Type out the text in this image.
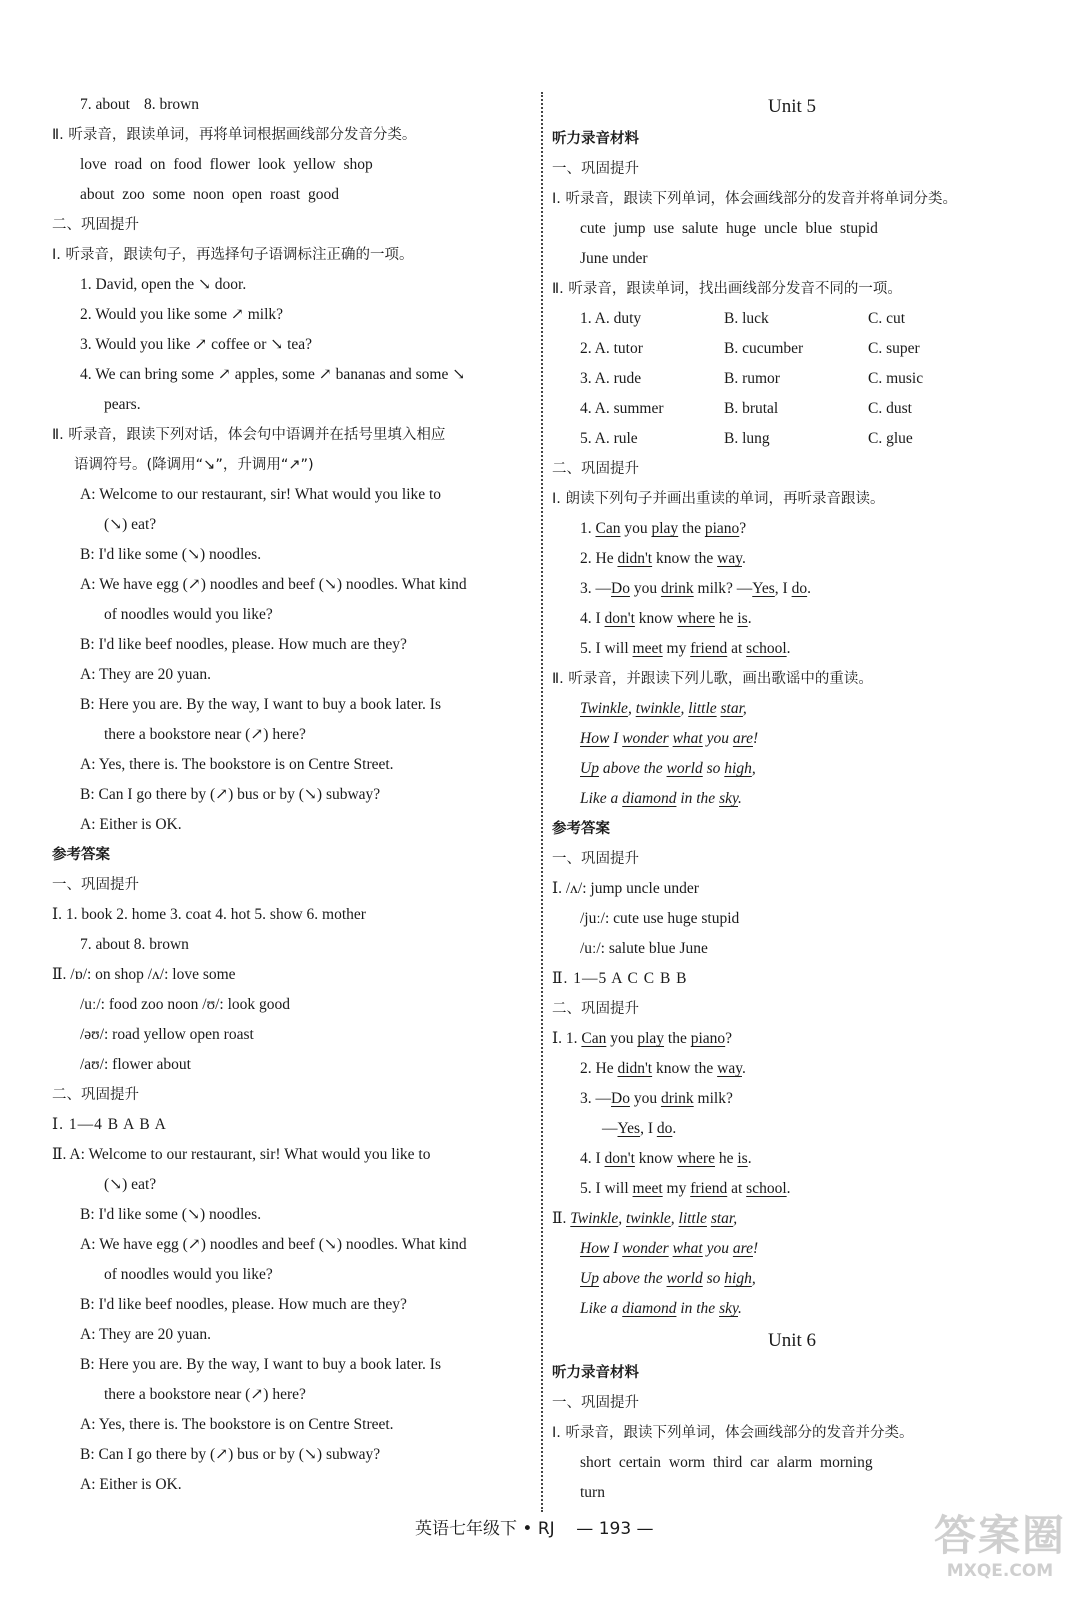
7. about 8. brown
Ⅱ. 听录音，跟读单词，再将单词根据画线部分发音分类。
love road on food flower look yellow shop
about zoo some noon open roast good
二、巩固提升
Ⅰ. 听录音，跟读句子，再选择句子语调标注正确的一项。
1. David, open the ↘ door.
2. Would you like some ↗ milk?
3. Would you like ↗ coffee or ↘ tea?
4. We can bring some ↗ apples, some ↗ bananas and some ↘
pears.
Ⅱ. 听录音，跟读下列对话，体会句中语调并在括号里填入相应
语调符号。(降调用“↘”，升调用“↗”)
A: Welcome to our restaurant, sir! What would you like to
(↘) eat?
B: I'd like some (↘) noodles.
A: We have egg (↗) noodles and beef (↘) noodles. What kind
of noodles would you like?
B: I'd like beef noodles, please. How much are they?
A: They are 20 yuan.
B: Here you are. By the way, I want to buy a book later. Is
there a bookstore near (↗) here?
A: Yes, there is. The bookstore is on Centre Street.
B: Can I go there by (↗) bus or by (↘) subway?
A: Either is OK.
参考答案
一、巩固提升
Ⅰ. 1. book 2. home 3. coat 4. hot 5. show 6. mother
7. about 8. brown
Ⅱ. /ɒ/: on shop /ʌ/: love some
/uː/: food zoo noon /ʊ/: look good
/əʊ/: road yellow open roast
/aʊ/: flower about
二、巩固提升
Ⅰ. 1—4 B A B A
Ⅱ. A: Welcome to our restaurant, sir! What would you like to
(↘) eat?
B: I'd like some (↘) noodles.
A: We have egg (↗) noodles and beef (↘) noodles. What kind
of noodles would you like?
B: I'd like beef noodles, please. How much are they?
A: They are 20 yuan.
B: Here you are. By the way, I want to buy a book later. Is
there a bookstore near (↗) here?
A: Yes, there is. The bookstore is on Centre Street.
B: Can I go there by (↗) bus or by (↘) subway?
A: Either is OK.
Unit 5
听力录音材料
一、巩固提升
Ⅰ. 听录音，跟读下列单词，体会画线部分的发音并将单词分类。
cute jump use salute huge uncle blue stupid
June under
Ⅱ. 听录音，跟读单词，找出画线部分发音不同的一项。
1. A. duty	B. luck	C. cut
2. A. tutor	B. cucumber	C. super
3. A. rude	B. rumor	C. music
4. A. summer	B. brutal	C. dust
5. A. rule	B. lung	C. glue
二、巩固提升
Ⅰ. 朗读下列句子并画出重读的单词，再听录音跟读。
1. Can you play the piano?
2. He didn't know the way.
3. —Do you drink milk? —Yes, I do.
4. I don't know where he is.
5. I will meet my friend at school.
Ⅱ. 听录音，并跟读下列儿歌，画出歌谣中的重读。
Twinkle, twinkle, little star,
How I wonder what you are!
Up above the world so high,
Like a diamond in the sky.
参考答案
一、巩固提升
Ⅰ. /ʌ/: jump uncle under
/juː/: cute use huge stupid
/uː/: salute blue June
Ⅱ. 1—5 A C C B B
二、巩固提升
Ⅰ. 1. Can you play the piano?
2. He didn't know the way.
3. —Do you drink milk?
—Yes, I do.
4. I don't know where he is.
5. I will meet my friend at school.
Ⅱ. Twinkle, twinkle, little star,
How I wonder what you are!
Up above the world so high,
Like a diamond in the sky.
Unit 6
听力录音材料
一、巩固提升
Ⅰ. 听录音，跟读下列单词，体会画线部分的发音并分类。
short certain worm third car alarm morning
turn
英语七年级下 • RJ — 193 —	答案圈
MXQE.COM
